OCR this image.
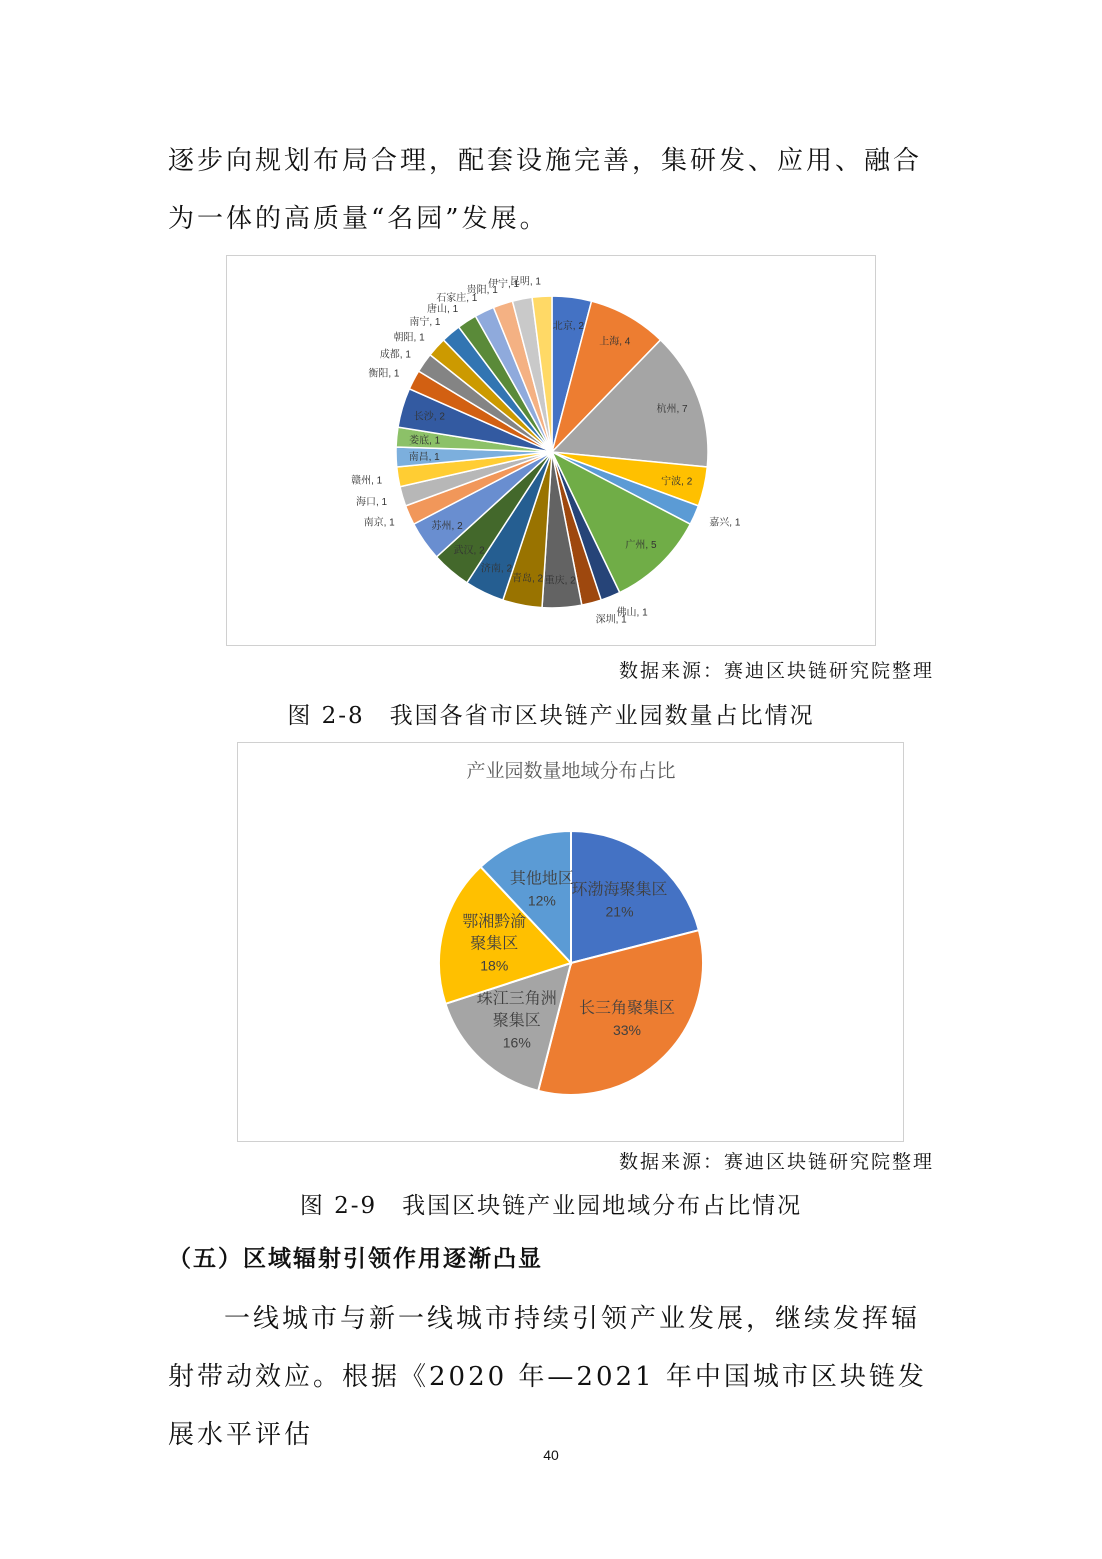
逐步向规划布局合理，配套设施完善，集研发、应用、融合为一体的高质量“名园”发展。

北京, 2
上海, 4
杭州, 7
宁波, 2
嘉兴, 1
广州, 5
佛山, 1
深圳, 1
重庆, 2
青岛, 2
济南, 2
武汉, 2
苏州, 2
南京, 1
海口, 1
赣州, 1
南昌, 1
娄底, 1
长沙, 2
衡阳, 1
成都, 1
朝阳, 1
南宁, 1
唐山, 1
石家庄, 1
贵阳, 1
伊宁, 1
昆明, 1
数据来源：赛迪区块链研究院整理
图 2-8　我国各省市区块链产业园数量占比情况
产业园数量地域分布占比
环渤海聚集区
21%
长三角聚集区
33%
珠江三角洲
聚集区
16%
鄂湘黔渝
聚集区
18%
其他地区
12%
数据来源：赛迪区块链研究院整理
图 2-9　我国区块链产业园地域分布占比情况
（五）区域辐射引领作用逐渐凸显

一线城市与新一线城市持续引领产业发展，继续发挥辐射带动效应。根据《2020 年—2021 年中国城市区块链发展水平评估

40
